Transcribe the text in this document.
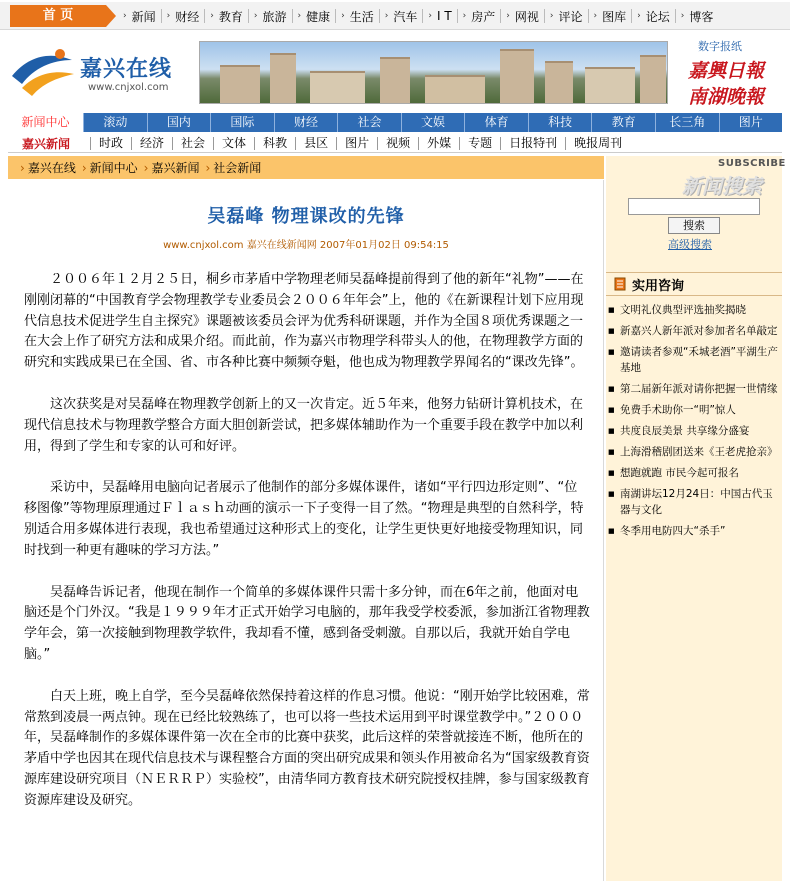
首 页	› 新闻 › 财经 › 教育 › 旅游 › 健康 › 生活 › 汽车 › I T › 房产 › 网视 › 评论 › 图库 › 论坛 › 博客
嘉兴在线
www.cnjxol.com
数字报纸
嘉興日報
南湖晚報
新闻中心	滚动	国内	国际	财经	社会	文娱	体育	科技	教育	长三角	图片
嘉兴新闻	时政	经济	社会	文体	科教	县区	图片	视频	外媒	专题	日报特刊	晚报周刊
› 嘉兴在线 › 新闻中心 › 嘉兴新闻 › 社会新闻
吴磊峰 物理课改的先锋
www.cnjxol.com 嘉兴在线新闻网 2007年01月02日 09:54:15

２００６年１２月２５日，桐乡市茅盾中学物理老师吴磊峰提前得到了他的新年“礼物”——在刚刚闭幕的“中国教育学会物理教学专业委员会２００６年年会”上，他的《在新课程计划下应用现代信息技术促进学生自主探究》课题被该委员会评为优秀科研课题，并作为全国８项优秀课题之一在大会上作了研究方法和成果介绍。而此前，作为嘉兴市物理学科带头人的他，在物理教学方面的研究和实践成果已在全国、省、市各种比赛中频频夺魁，他也成为物理教学界闻名的“课改先锋”。

这次获奖是对吴磊峰在物理教学创新上的又一次肯定。近５年来，他努力钻研计算机技术，在现代信息技术与物理教学整合方面大胆创新尝试，把多媒体辅助作为一个重要手段在教学中加以利用，得到了学生和专家的认可和好评。

采访中，吴磊峰用电脑向记者展示了他制作的部分多媒体课件，诸如“平行四边形定则”、“位移图像”等物理原理通过Ｆｌａｓｈ动画的演示一下子变得一目了然。“物理是典型的自然科学，特别适合用多媒体进行表现，我也希望通过这种形式上的变化，让学生更快更好地接受物理知识，同时找到一种更有趣味的学习方法。”

吴磊峰告诉记者，他现在制作一个简单的多媒体课件只需十多分钟，而在6年之前，他面对电脑还是个门外汉。“我是１９９９年才正式开始学习电脑的，那年我受学校委派，参加浙江省物理教学年会，第一次接触到物理教学软件，我却看不懂，感到备受刺激。自那以后，我就开始自学电脑。”

白天上班，晚上自学，至今吴磊峰依然保持着这样的作息习惯。他说：“刚开始学比较困难，常常熬到凌晨一两点钟。现在已经比较熟练了，也可以将一些技术运用到平时课堂教学中。”２０００年，吴磊峰制作的多媒体课件第一次在全市的比赛中获奖，此后这样的荣誉就接连不断，他所在的茅盾中学也因其在现代信息技术与课程整合方面的突出研究成果和领头作用被命名为“国家级教育资源库建设研究项目（ＮＥＲＲＰ）实验校”，由清华同方教育技术研究院授权挂牌，参与国家级教育资源库建设及研究。

SUBSCRIBE
新闻搜索
搜索
高级搜索
实用咨询
■ 文明礼仪典型评选抽奖揭晓
■ 新嘉兴人新年派对参加者名单敲定
■ 邀请读者参观“禾城老酒”平湖生产基地
■ 第二届新年派对请你把握一世情缘
■ 免费手术助你一“明”惊人
■ 共度良辰美景 共享缘分盛宴
■ 上海滑稽剧团送来《王老虎抢亲》
■ 想跑就跑 市民今起可报名
■ 南湖讲坛12月24日：中国古代玉器与文化
■ 冬季用电防四大“杀手”
